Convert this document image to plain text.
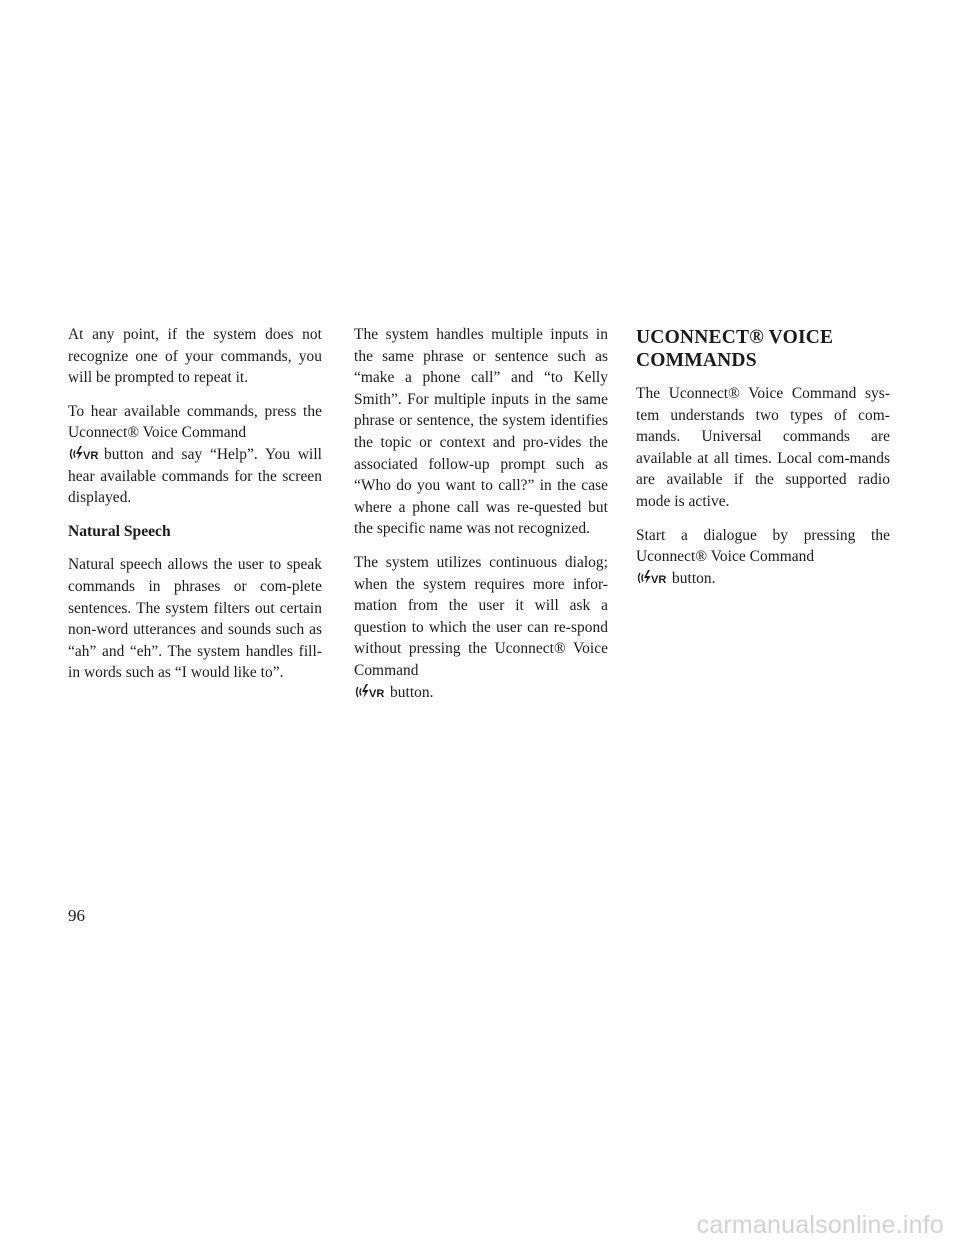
At any point, if the system does not recognize one of your commands, you will be prompted to repeat it.

To hear available commands, press the Uconnect® Voice Command

VR button and say “Help”. You will hear available commands for the screen displayed.

Natural Speech

Natural speech allows the user to speak commands in phrases or com-plete sentences. The system filters out certain non-word utterances and sounds such as “ah” and “eh”. The system handles fill-in words such as “I would like to”.

The system handles multiple inputs in the same phrase or sentence such as “make a phone call” and “to Kelly Smith”. For multiple inputs in the same phrase or sentence, the system identifies the topic or context and pro-vides the associated follow-up prompt such as “Who do you want to call?” in the case where a phone call was re-quested but the specific name was not recognized.

The system utilizes continuous dialog; when the system requires more infor-mation from the user it will ask a question to which the user can re-spond without pressing the Uconnect® Voice Command

VR button.

UCONNECT® VOICE
COMMANDS

The Uconnect® Voice Command sys-tem understands two types of com-mands. Universal commands are available at all times. Local com-mands are available if the supported radio mode is active.

Start a dialogue by pressing the Uconnect® Voice Command

VR button.

96
carmanualsonline.info
